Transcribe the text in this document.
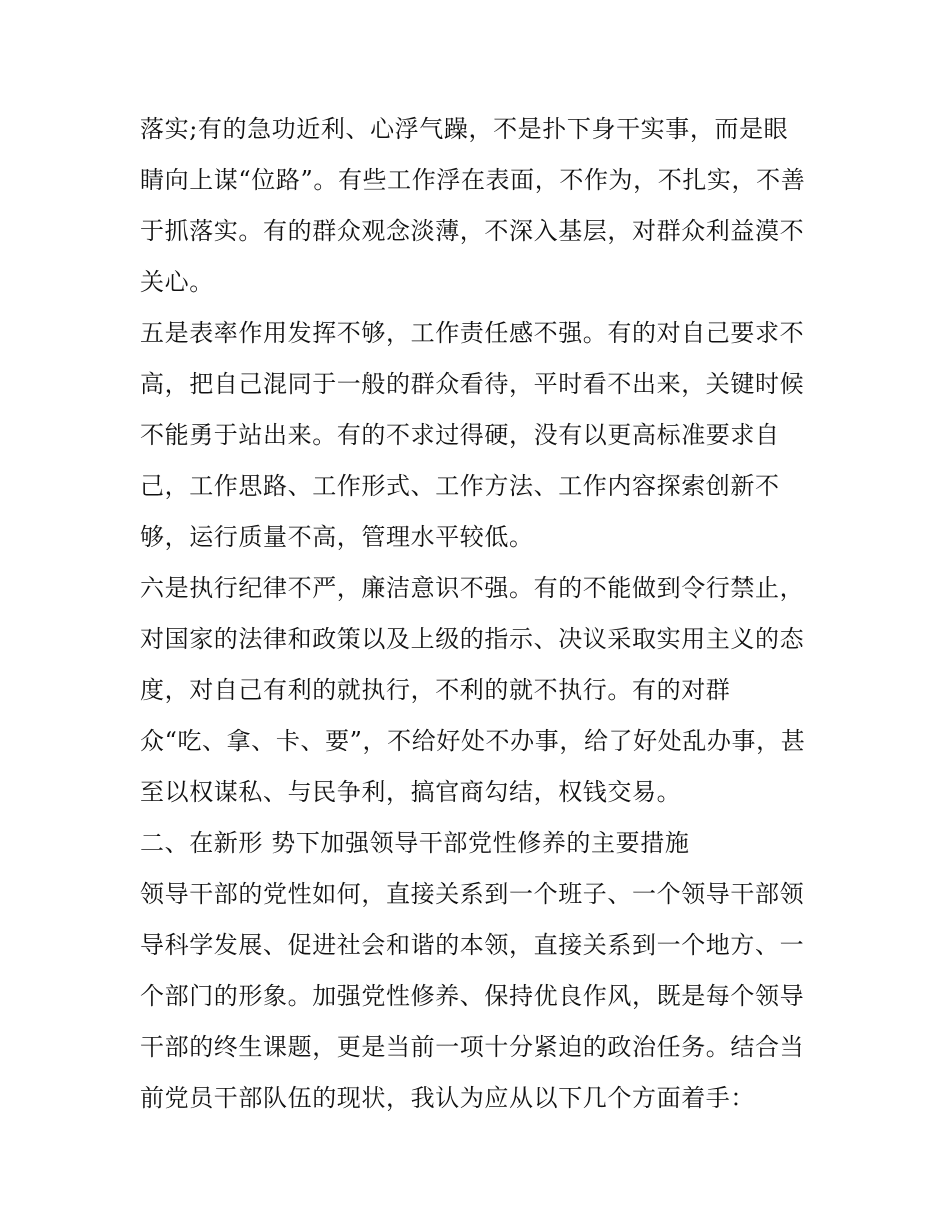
落实;有的急功近利、心浮气躁，不是扑下身干实事，而是眼
睛向上谋“位路”。有些工作浮在表面，不作为，不扎实，不善
于抓落实。有的群众观念淡薄，不深入基层，对群众利益漠不
关心。
五是表率作用发挥不够，工作责任感不强。有的对自己要求不
高，把自己混同于一般的群众看待，平时看不出来，关键时候
不能勇于站出来。有的不求过得硬，没有以更高标准要求自
己，工作思路、工作形式、工作方法、工作内容探索创新不
够，运行质量不高，管理水平较低。
六是执行纪律不严，廉洁意识不强。有的不能做到令行禁止，
对国家的法律和政策以及上级的指示、决议采取实用主义的态
度，对自己有利的就执行，不利的就不执行。有的对群
众“吃、拿、卡、要”，不给好处不办事，给了好处乱办事，甚
至以权谋私、与民争利，搞官商勾结，权钱交易。
二、在新形 势下加强领导干部党性修养的主要措施
领导干部的党性如何，直接关系到一个班子、一个领导干部领
导科学发展、促进社会和谐的本领，直接关系到一个地方、一
个部门的形象。加强党性修养、保持优良作风，既是每个领导
干部的终生课题，更是当前一项十分紧迫的政治任务。结合当
前党员干部队伍的现状，我认为应从以下几个方面着手：
